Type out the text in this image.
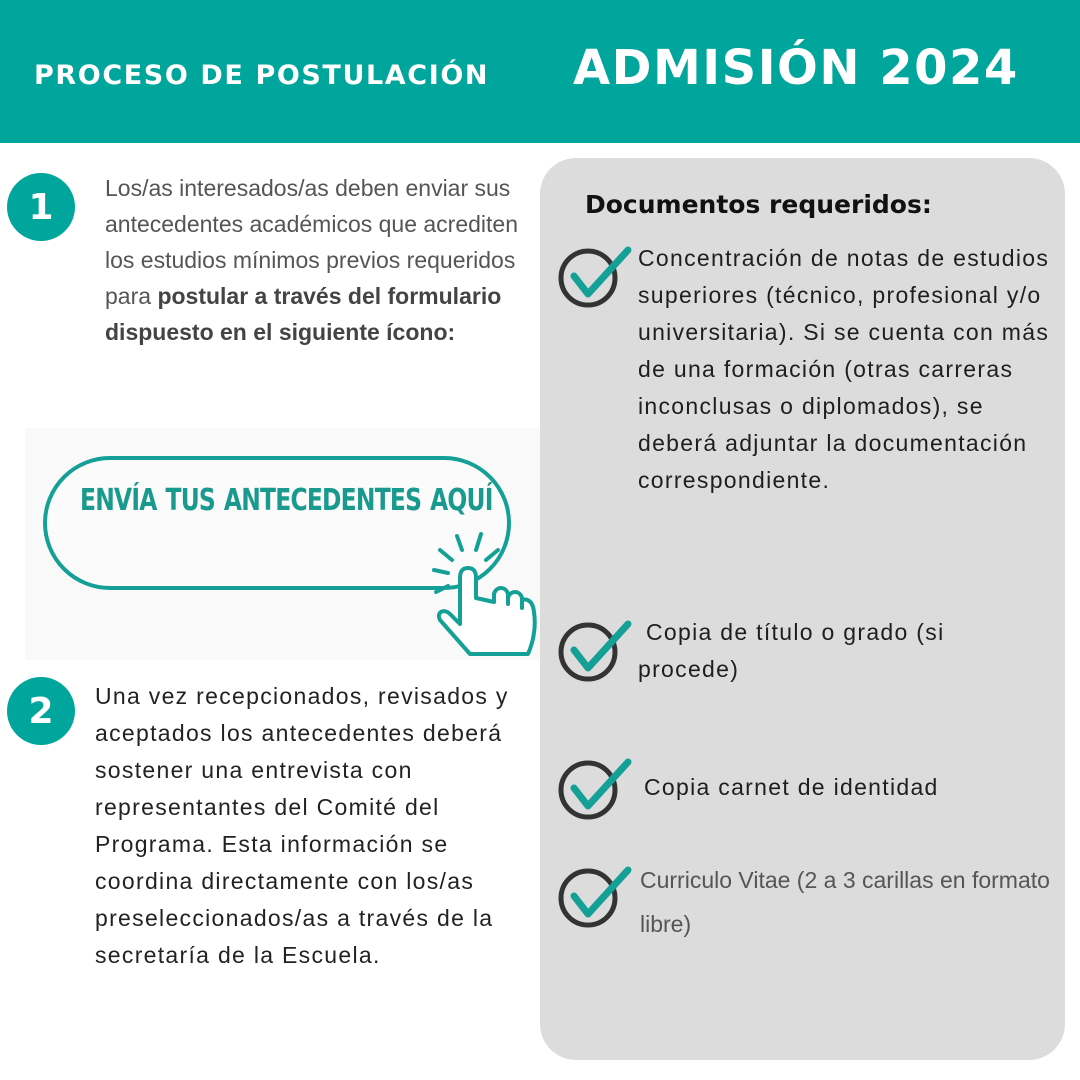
PROCESO DE POSTULACIÓN ADMISIÓN 2024
1	Los/as interesados/as deben enviar sus antecedentes académicos que acrediten los estudios mínimos previos requeridos para postular a través del formulario dispuesto en el siguiente ícono:
ENVÍA TUS ANTECEDENTES AQUÍ
2	Una vez recepcionados, revisados y aceptados los antecedentes deberá sostener una entrevista con representantes del Comité del Programa. Esta información se coordina directamente con los/as preseleccionados/as a través de la secretaría de la Escuela.
Documentos requeridos:
Concentración de notas de estudios superiores (técnico, profesional y/o universitaria). Si se cuenta con más de una formación (otras carreras inconclusas o diplomados), se deberá adjuntar la documentación correspondiente.
Copia de título o grado (si procede)
Copia carnet de identidad
Curriculo Vitae (2 a 3 carillas en formato libre)
